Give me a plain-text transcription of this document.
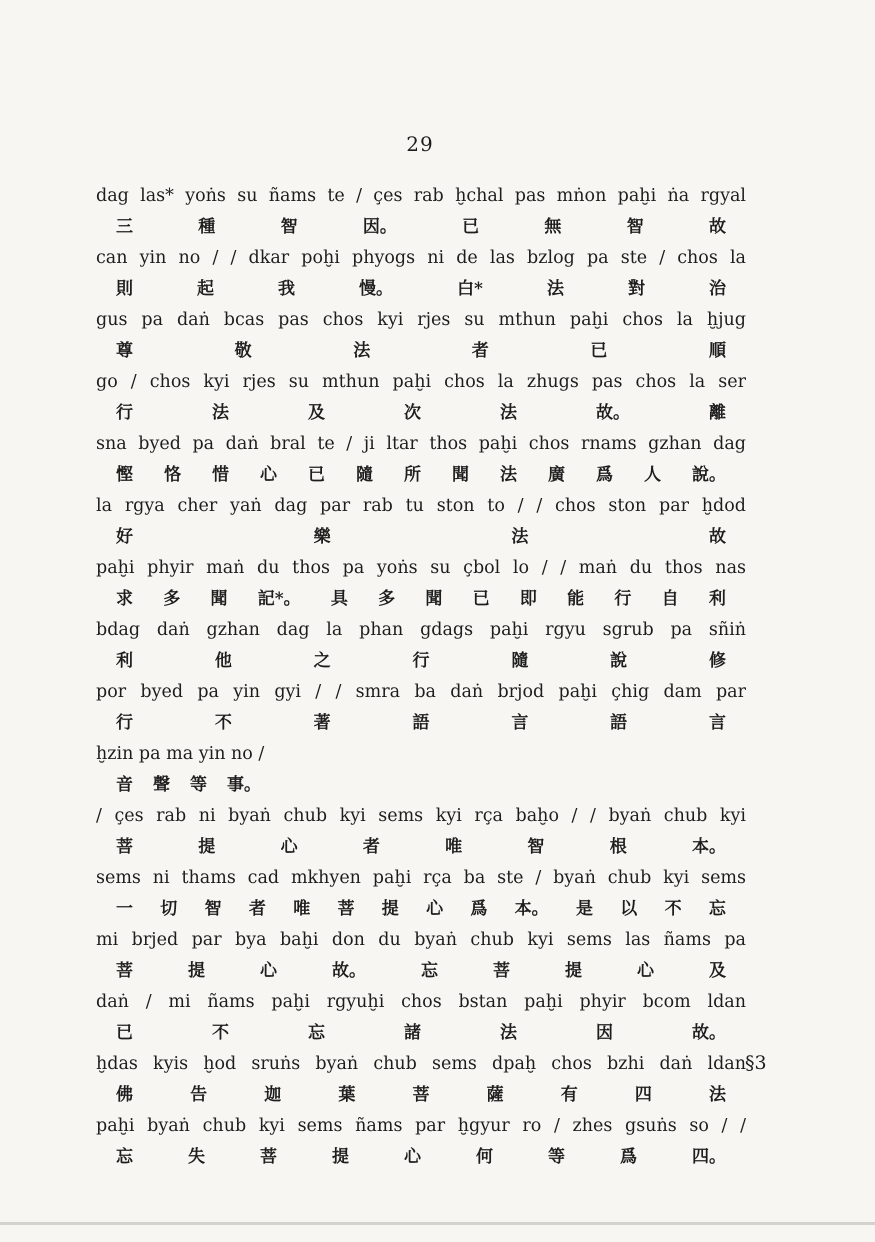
29
dag las* yoṅs su ñams te / çes rab ḫchal pas mṅon paḫi ṅa rgyal
三	種	智	因。	已	無	智	故
can yin no / / dkar poḫi phyogs ni de las bzlog pa ste / chos la
則	起	我	慢。	白*	法	對	治
gus pa daṅ bcas pas chos kyi rjes su mthun paḫi chos la ḫjug
尊	敬	法	者	已	順
go / chos kyi rjes su mthun paḫi chos la zhugs pas chos la ser
行	法	及	次	法	故。	離
sna byed pa daṅ bral te / ji ltar thos paḫi chos rnams gzhan dag
慳 恪 惜 心 已 隨 所 聞 法 廣 爲 人 說。
la rgya cher yaṅ dag par rab tu ston to / / chos ston par ḫdod
好	樂	法	故
paḫi phyir maṅ du thos pa yoṅs su çbol lo / / maṅ du thos nas
求 多 聞 記*。 具 多 聞 已 即 能 行 自 利
bdag daṅ gzhan dag la phan gdags paḫi rgyu sgrub pa sñiṅ
利	他	之	行	隨	說	修
por byed pa yin gyi / / smra ba daṅ brjod paḫi çhig dam par
行	不	著	語	言	語	言
ḫzin pa ma yin no /
音 聲 等 事。
/ çes rab ni byaṅ chub kyi sems kyi rça baḫo / / byaṅ chub kyi
菩	提	心	者	唯	智	根	本。
sems ni thams cad mkhyen paḫi rça ba ste / byaṅ chub kyi sems
一 切 智 者 唯 菩 提 心 爲 本。 是 以 不 忘
mi brjed par bya baḫi don du byaṅ chub kyi sems las ñams pa
菩	提	心	故。	忘	菩	提	心	及
daṅ / mi ñams paḫi rgyuḫi chos bstan paḫi phyir bcom ldan
已	不	忘	諸	法	因	故。
ḫdas kyis ḫod sruṅs byaṅ chub sems dpaḫ chos bzhi daṅ ldan
佛	告	迦	葉	菩	薩	有	四	法
paḫi byaṅ chub kyi sems ñams par ḫgyur ro / zhes gsuṅs so / /
忘	失	菩	提	心	何	等	爲	四。
§3
